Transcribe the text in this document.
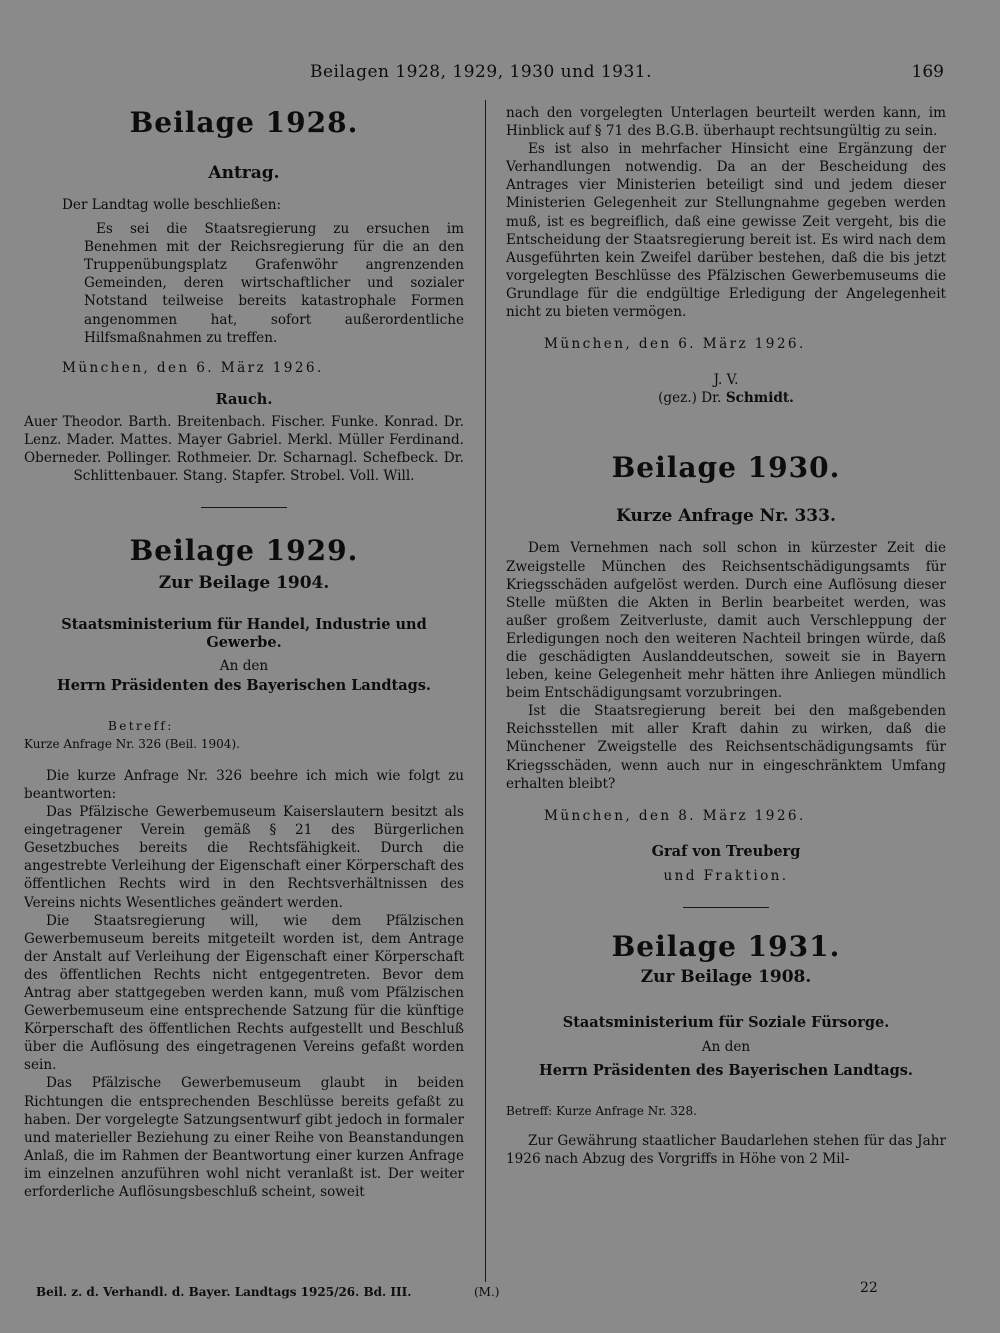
Beilagen 1928, 1929, 1930 und 1931.	169
Beilage 1928.
Antrag.

Der Landtag wolle beschließen:

Es sei die Staatsregierung zu ersuchen im Benehmen mit der Reichsregierung für die an den Truppenübungsplatz Grafenwöhr angrenzenden Gemeinden, deren wirtschaftlicher und sozialer Notstand teilweise bereits katastrophale Formen angenommen hat, sofort außerordentliche Hilfsmaßnahmen zu treffen.

München, den 6. März 1926.

Rauch.

Auer Theodor. Barth. Breitenbach. Fischer. Funke. Konrad. Dr. Lenz. Mader. Mattes. Mayer Gabriel. Merkl. Müller Ferdinand. Oberneder. Pollinger. Rothmeier. Dr. Scharnagl. Schefbeck. Dr. Schlittenbauer. Stang. Stapfer. Strobel. Voll. Will.

Beilage 1929.
Zur Beilage 1904.
Staatsministerium für Handel, Industrie und Gewerbe.
An den
Herrn Präsidenten des Bayerischen Landtags.
Betreff:
Kurze Anfrage Nr. 326 (Beil. 1904).

Die kurze Anfrage Nr. 326 beehre ich mich wie folgt zu beantworten:

Das Pfälzische Gewerbemuseum Kaiserslautern besitzt als eingetragener Verein gemäß § 21 des Bürgerlichen Gesetzbuches bereits die Rechtsfähigkeit. Durch die angestrebte Verleihung der Eigenschaft einer Körperschaft des öffentlichen Rechts wird in den Rechtsverhältnissen des Vereins nichts Wesentliches geändert werden.

Die Staatsregierung will, wie dem Pfälzischen Gewerbemuseum bereits mitgeteilt worden ist, dem Antrage der Anstalt auf Verleihung der Eigenschaft einer Körperschaft des öffentlichen Rechts nicht entgegentreten. Bevor dem Antrag aber stattgegeben werden kann, muß vom Pfälzischen Gewerbemuseum eine entsprechende Satzung für die künftige Körperschaft des öffentlichen Rechts aufgestellt und Beschluß über die Auflösung des eingetragenen Vereins gefaßt worden sein.

Das Pfälzische Gewerbemuseum glaubt in beiden Richtungen die entsprechenden Beschlüsse bereits gefaßt zu haben. Der vorgelegte Satzungsentwurf gibt jedoch in formaler und materieller Beziehung zu einer Reihe von Beanstandungen Anlaß, die im Rahmen der Beantwortung einer kurzen Anfrage im einzelnen anzuführen wohl nicht veranlaßt ist. Der weiter erforderliche Auflösungsbeschluß scheint, soweit

nach den vorgelegten Unterlagen beurteilt werden kann, im Hinblick auf § 71 des B.G.B. überhaupt rechtsungültig zu sein.

Es ist also in mehrfacher Hinsicht eine Ergänzung der Verhandlungen notwendig. Da an der Bescheidung des Antrages vier Ministerien beteiligt sind und jedem dieser Ministerien Gelegenheit zur Stellungnahme gegeben werden muß, ist es begreiflich, daß eine gewisse Zeit vergeht, bis die Entscheidung der Staatsregierung bereit ist. Es wird nach dem Ausgeführten kein Zweifel darüber bestehen, daß die bis jetzt vorgelegten Beschlüsse des Pfälzischen Gewerbemuseums die Grundlage für die endgültige Erledigung der Angelegenheit nicht zu bieten vermögen.

München, den 6. März 1926.

J. V.
(gez.) Dr. Schmidt.
Beilage 1930.
Kurze Anfrage Nr. 333.

Dem Vernehmen nach soll schon in kürzester Zeit die Zweigstelle München des Reichsentschädigungsamts für Kriegsschäden aufgelöst werden. Durch eine Auflösung dieser Stelle müßten die Akten in Berlin bearbeitet werden, was außer großem Zeitverluste, damit auch Verschleppung der Erledigungen noch den weiteren Nachteil bringen würde, daß die geschädigten Auslanddeutschen, soweit sie in Bayern leben, keine Gelegenheit mehr hätten ihre Anliegen mündlich beim Entschädigungsamt vorzubringen.

Ist die Staatsregierung bereit bei den maßgebenden Reichsstellen mit aller Kraft dahin zu wirken, daß die Münchener Zweigstelle des Reichsentschädigungsamts für Kriegsschäden, wenn auch nur in eingeschränktem Umfang erhalten bleibt?

München, den 8. März 1926.

Graf von Treuberg
und Fraktion.
Beilage 1931.
Zur Beilage 1908.
Staatsministerium für Soziale Fürsorge.
An den
Herrn Präsidenten des Bayerischen Landtags.
Betreff: Kurze Anfrage Nr. 328.

Zur Gewährung staatlicher Baudarlehen stehen für das Jahr 1926 nach Abzug des Vorgriffs in Höhe von 2 Mil-

Beil. z. d. Verhandl. d. Bayer. Landtags 1925/26. Bd. III.	(M.)	22
